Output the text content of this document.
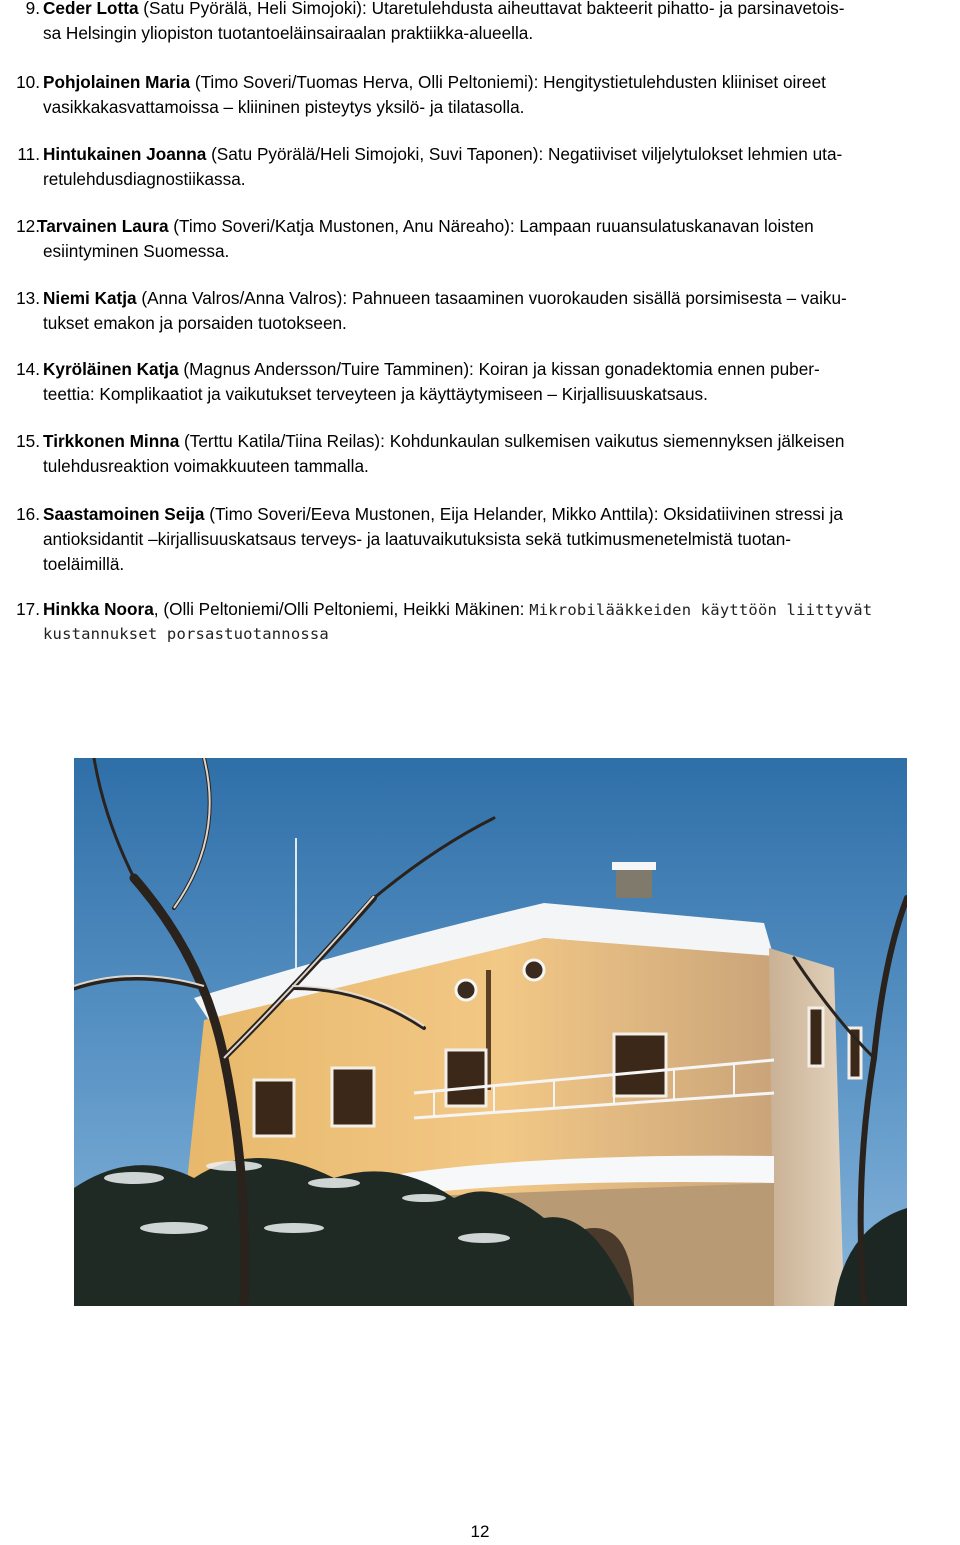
9. Ceder Lotta (Satu Pyörälä, Heli Simojoki): Utaretulehdusta aiheuttavat bakteerit pihatto- ja parsinavetois-
sa Helsingin yliopiston tuotantoeläinsairaalan praktiikka-alueella.
10. Pohjolainen Maria (Timo Soveri/Tuomas Herva, Olli Peltoniemi): Hengitystietulehdusten kliiniset oireet
vasikkakasvattamoissa – kliininen pisteytys yksilö- ja tilatasolla.
11. Hintukainen Joanna (Satu Pyörälä/Heli Simojoki, Suvi Taponen): Negatiiviset viljelytulokset lehmien uta-
retulehdusdiagnostiikassa.
12.
Tarvainen Laura (Timo Soveri/Katja Mustonen, Anu Näreaho): Lampaan ruuansulatuskanavan loisten
esiintyminen Suomessa.
13. Niemi Katja (Anna Valros/Anna Valros): Pahnueen tasaaminen vuorokauden sisällä porsimisesta – vaiku-
tukset emakon ja porsaiden tuotokseen.
14. Kyröläinen Katja (Magnus Andersson/Tuire Tamminen): Koiran ja kissan gonadektomia ennen puber-
teettia: Komplikaatiot ja vaikutukset terveyteen ja käyttäytymiseen – Kirjallisuuskatsaus.
15. Tirkkonen Minna (Terttu Katila/Tiina Reilas): Kohdunkaulan sulkemisen vaikutus siemennyksen jälkeisen
tulehdusreaktion voimakkuuteen tammalla.
16. Saastamoinen Seija (Timo Soveri/Eeva Mustonen, Eija Helander, Mikko Anttila): Oksidatiivinen stressi ja
antioksidantit –kirjallisuuskatsaus terveys- ja laatuvaikutuksista sekä tutkimusmenetelmistä tuotan-
toeläimillä.
17. Hinkka Noora, (Olli Peltoniemi/Olli Peltoniemi, Heikki Mäkinen: Mikrobilääkkeiden käyttöön liittyvät
kustannukset porsastuotannossa
12
